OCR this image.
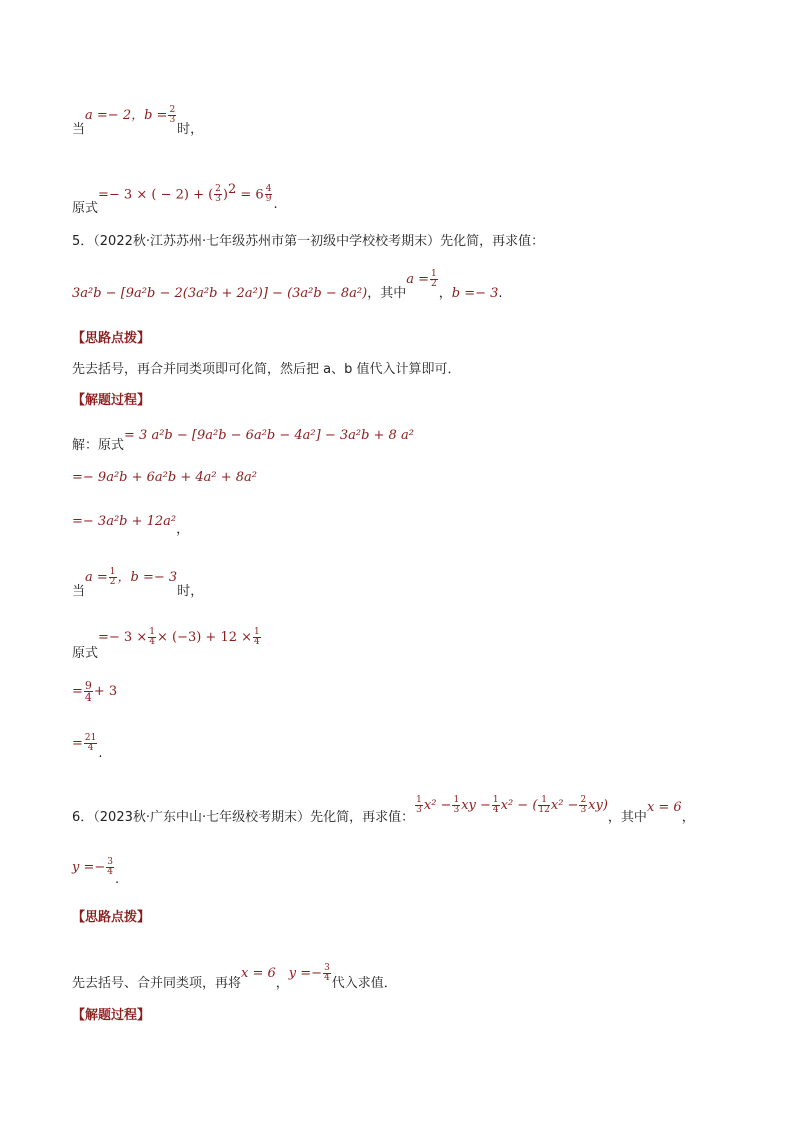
当a =− 2，$b = \frac{2}{3}$
时，
原式=− 3 × ( − 2) + ( $\frac{2}{3} )^2 = 6 \frac{4}{9}$
.
5．（2022秋·江苏苏州·七年级苏州市第一初级中学校校考期末）先化简，再求值：
3a²b − [9a²b − 2(3a²b + 2a²)] − (3a²b − 8a²)，其中$a = \frac{1}{2}$
，b =− 3.
【思路点拨】
先去括号，再合并同类项即可化简，然后把 a、b 值代入计算即可．
【解题过程】
解：原式= 3 a²b − [9a²b − 6a²b − 4a²] − 3a²b + 8 a²
=− 9a²b + 6a²b + 4a² + 8a²
=− 3a²b + 12a²，
当$a = \frac{1}{2}$ ，b =− 3时，
原式=− $3 \times \frac{1}{4} \times (-3) + 12 \times \frac{1}{4}$
= $\frac{9}{4} + 3$
= $\frac{21}{4}$
.
6．（2023秋·广东中山·七年级校考期末）先化简，再求值：
$\frac{1}{3} x^2 - \frac{1}{3}$ xy − $\frac{1}{4} x^2$ − ( $\frac{1}{12} x^2 - \frac{2}{3} xy$)，其中x = 6，
$y =- \frac{3}{4}$
.
【思路点拨】
先去括号、合并同类项，再将x = 6，$y =- \frac{3}{4}$
代入求值．
【解题过程】
